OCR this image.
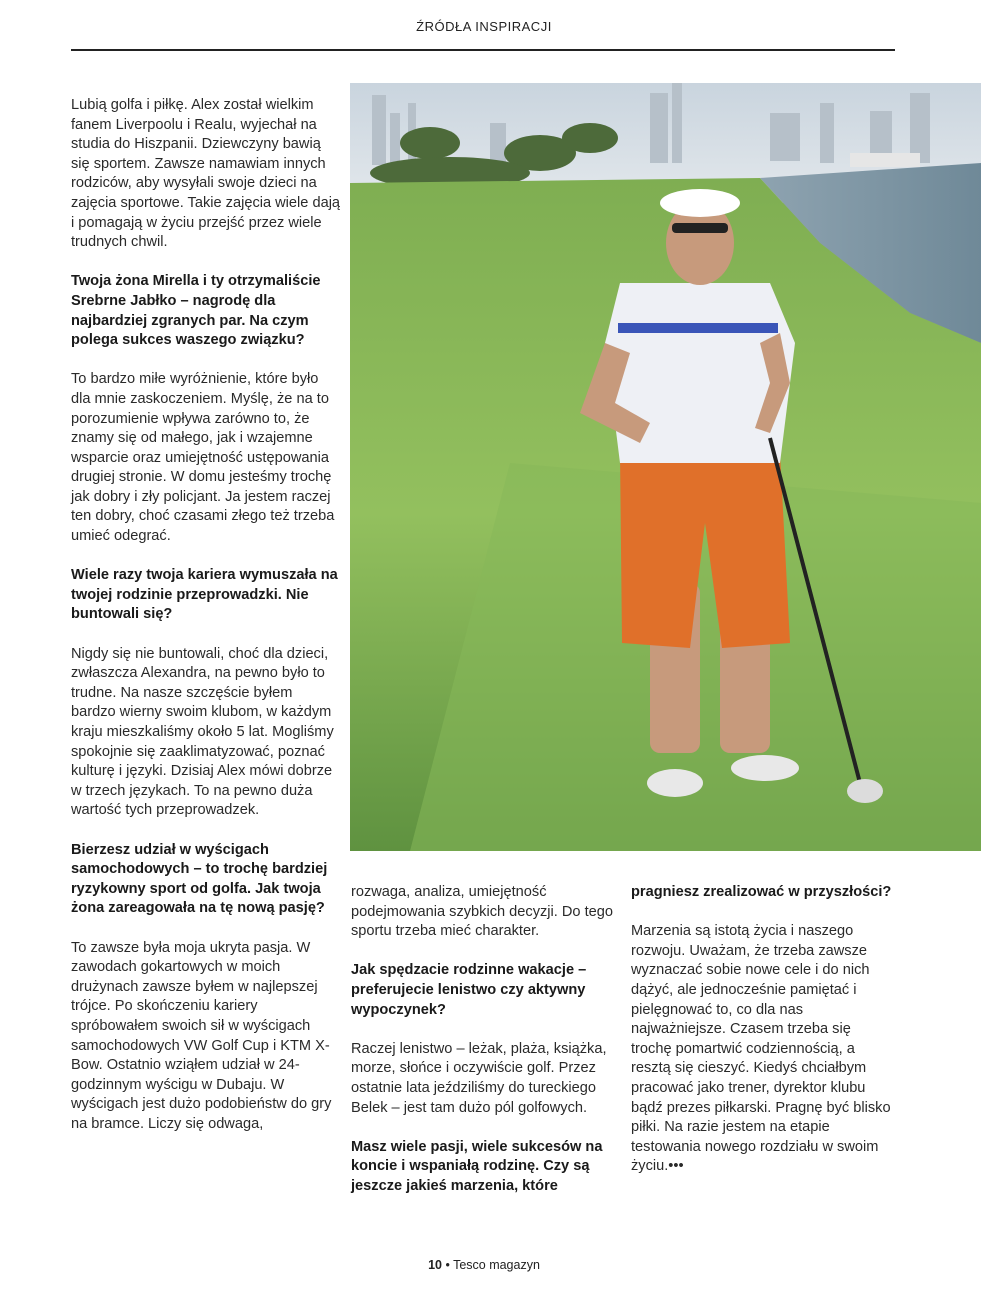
ŹRÓDŁA INSPIRACJI

Lubią golfa i piłkę. Alex został wielkim fanem Liverpoolu i Realu, wyjechał na studia do Hiszpanii. Dziewczyny bawią się sportem. Zawsze namawiam innych rodziców, aby wysyłali swoje dzieci na zajęcia sportowe. Takie zajęcia wiele dają i pomagają w życiu przejść przez wiele trudnych chwil.

Twoja żona Mirella i ty otrzymaliście Srebrne Jabłko – nagrodę dla najbardziej zgranych par. Na czym polega sukces waszego związku?

To bardzo miłe wyróżnienie, które było dla mnie zaskoczeniem. Myślę, że na to porozumienie wpływa zarówno to, że znamy się od małego, jak i wzajemne wsparcie oraz umiejętność ustępowania drugiej stronie. W domu jesteśmy trochę jak dobry i zły policjant. Ja jestem raczej ten dobry, choć czasami złego też trzeba umieć odegrać.

Wiele razy twoja kariera wymuszała na twojej rodzinie przeprowadzki. Nie buntowali się?

Nigdy się nie buntowali, choć dla dzieci, zwłaszcza Alexandra, na pewno było to trudne. Na nasze szczęście byłem bardzo wierny swoim klubom, w każdym kraju mieszkaliśmy około 5 lat. Mogliśmy spokojnie się zaaklimatyzować, poznać kulturę i języki. Dzisiaj Alex mówi dobrze w trzech językach. To na pewno duża wartość tych przeprowadzek.

Bierzesz udział w wyścigach samochodowych – to trochę bardziej ryzykowny sport od golfa. Jak twoja żona zareagowała na tę nową pasję?

To zawsze była moja ukryta pasja. W zawodach gokartowych w moich drużynach zawsze byłem w najlepszej trójce. Po skończeniu kariery spróbowałem swoich sił w wyścigach samochodowych VW Golf Cup i KTM X-Bow. Ostatnio wziąłem udział w 24-godzinnym wyścigu w Dubaju. W wyścigach jest dużo podobieństw do gry na bramce. Liczy się odwaga,

rozwaga, analiza, umiejętność podejmowania szybkich decyzji. Do tego sportu trzeba mieć charakter.

Jak spędzacie rodzinne wakacje – preferujecie lenistwo czy aktywny wypoczynek?

Raczej lenistwo – leżak, plaża, książka, morze, słońce i oczywiście golf. Przez ostatnie lata jeździliśmy do tureckiego Belek – jest tam dużo pól golfowych.

Masz wiele pasji, wiele sukcesów na koncie i wspaniałą rodzinę. Czy są jeszcze jakieś marzenia, które

pragniesz zrealizować w przyszłości?

Marzenia są istotą życia i naszego rozwoju. Uważam, że trzeba zawsze wyznaczać sobie nowe cele i do nich dążyć, ale jednocześnie pamiętać i pielęgnować to, co dla nas najważniejsze. Czasem trzeba się trochę pomartwić codziennością, a resztą się cieszyć. Kiedyś chciałbym pracować jako trener, dyrektor klubu bądź prezes piłkarski. Pragnę być blisko piłki. Na razie jestem na etapie testowania nowego rozdziału w swoim życiu.•••

10 • Tesco magazyn
